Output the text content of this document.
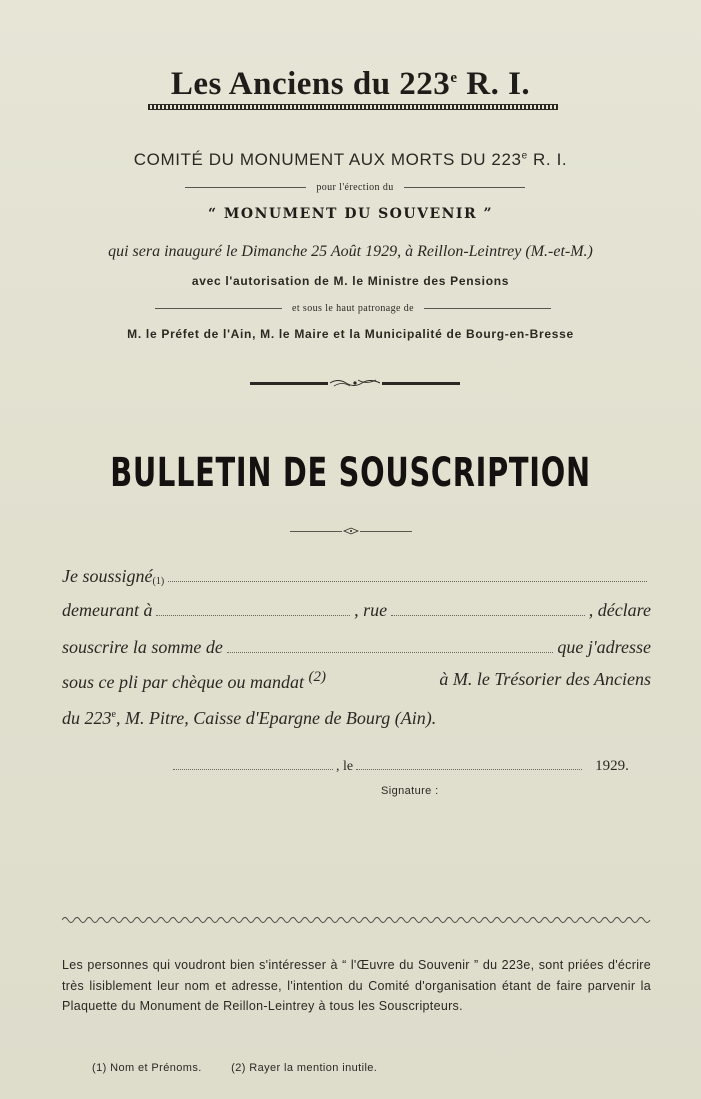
Les Anciens du 223e R. I.
COMITÉ DU MONUMENT AUX MORTS DU 223e R. I.
pour l'érection du
“ MONUMENT DU SOUVENIR ”
qui sera inauguré le Dimanche 25 Août 1929, à Reillon-Leintrey (M.-et-M.)
avec l'autorisation de M. le Ministre des Pensions
et sous le haut patronage de
M. le Préfet de l'Ain, M. le Maire et la Municipalité de Bourg-en-Bresse
BULLETIN DE SOUSCRIPTION
Je soussigné$_{(1)}$
demeurant à	, rue	, déclare
souscrire la somme de	que j'adresse
sous ce pli par chèque ou mandat $^{(2)}$	à M. le Trésorier des Anciens
du 223e, M. Pitre, Caisse d'Epargne de Bourg (Ain).
, le	1929.
Signature :
Les personnes qui voudront bien s'intéresser à “ l'Œuvre du Souvenir ” du 223e, sont priées d'écrire très lisiblement leur nom et adresse, l'intention du Comité d'organisation étant de faire parvenir la Plaquette du Monument de Reillon-Leintrey à tous les Souscripteurs.
(1) Nom et Prénoms.	(2) Rayer la mention inutile.
